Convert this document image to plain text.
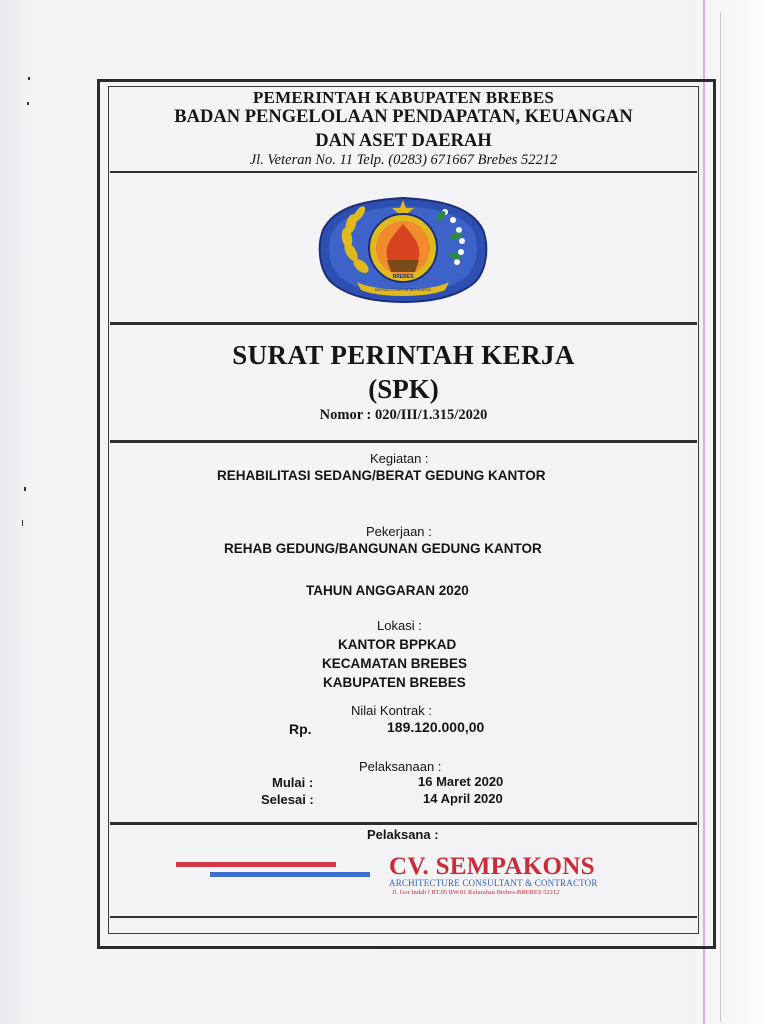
PEMERINTAH KABUPATEN BREBES
BADAN PENGELOLAAN PENDAPATAN, KEUANGAN
DAN ASET DAERAH
Jl. Veteran No. 11 Telp. (0283) 671667 Brebes 52212
BERSATU UNTUK BERKARYA
BREBES
SURAT PERINTAH KERJA
(SPK)
Nomor : 020/III/1.315/2020
Kegiatan :
REHABILITASI SEDANG/BERAT GEDUNG KANTOR
Pekerjaan :
REHAB GEDUNG/BANGUNAN GEDUNG KANTOR
TAHUN ANGGARAN 2020
Lokasi :
KANTOR BPPKAD
KECAMATAN BREBES
KABUPATEN BREBES
Nilai Kontrak :
Rp.	189.120.000,00
Pelaksanaan :
Mulai :	16 Maret 2020
Selesai :	14 April 2020
Pelaksana :
CV. SEMPAKONS
ARCHITECTURE CONSULTANT & CONTRACTOR
Jl. Gor Indah I RT.05 RW.01 Kelurahan Brebes-BREBES 52212
